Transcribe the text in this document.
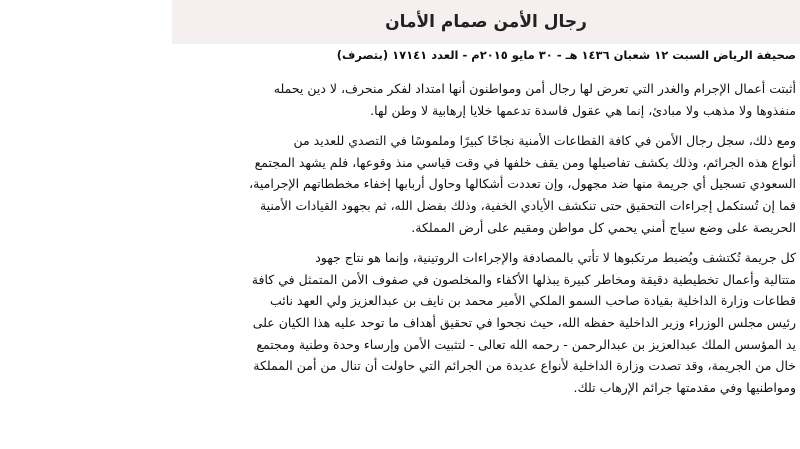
رجال الأمن صمام الأمان
صحيفة الرياض السبت ١٢ شعبان ١٤٣٦ هـ - ٣٠ مايو ٢٠١٥م - العدد ١٧١٤١ (بتصرف)

أثبتت أعمال الإجرام والغدر التي تعرض لها رجال أمن ومواطنون أنها امتداد لفكر منحرف، لا دين يحمله
منفذوها ولا مذهب ولا مبادئ، إنما هي عقول فاسدة تدعمها خلايا إرهابية لا وطن لها.

ومع ذلك، سجل رجال الأمن في كافة القطاعات الأمنية نجاحًا كبيرًا وملموسًا في التصدي للعديد من
أنواع هذه الجرائم، وذلك بكشف تفاصيلها ومن يقف خلفها في وقت قياسي منذ وقوعها، فلم يشهد المجتمع
السعودي تسجيل أي جريمة منها ضد مجهول، وإن تعددت أشكالها وحاول أربابها إخفاء مخططاتهم الإجرامية،
فما إن تُستكمل إجراءات التحقيق حتى تنكشف الأيادي الخفية، وذلك بفضل الله، ثم بجهود القيادات الأمنية
الحريصة على وضع سياج أمني يحمي كل مواطن ومقيم على أرض المملكة.

كل جريمة تُكتشف ويُضبط مرتكبوها لا تأتي بالمصادفة والإجراءات الروتينية، وإنما هو نتاج جهود
متتالية وأعمال تخطيطية دقيقة ومخاطر كبيرة يبذلها الأكفاء والمخلصون في صفوف الأمن المتمثل في كافة
قطاعات وزارة الداخلية بقيادة صاحب السمو الملكي الأمير محمد بن نايف بن عبدالعزيز ولي العهد نائب
رئيس مجلس الوزراء وزير الداخلية حفظه الله، حيث نجحوا في تحقيق أهداف ما توحد عليه هذا الكيان على
يد المؤسس الملك عبدالعزيز بن عبدالرحمن - رحمه الله تعالى - لتثبيت الأمن وإرساء وحدة وطنية ومجتمع
خال من الجريمة، وقد تصدت وزارة الداخلية لأنواع عديدة من الجرائم التي حاولت أن تنال من أمن المملكة
ومواطنيها وفي مقدمتها جرائم الإرهاب تلك.
